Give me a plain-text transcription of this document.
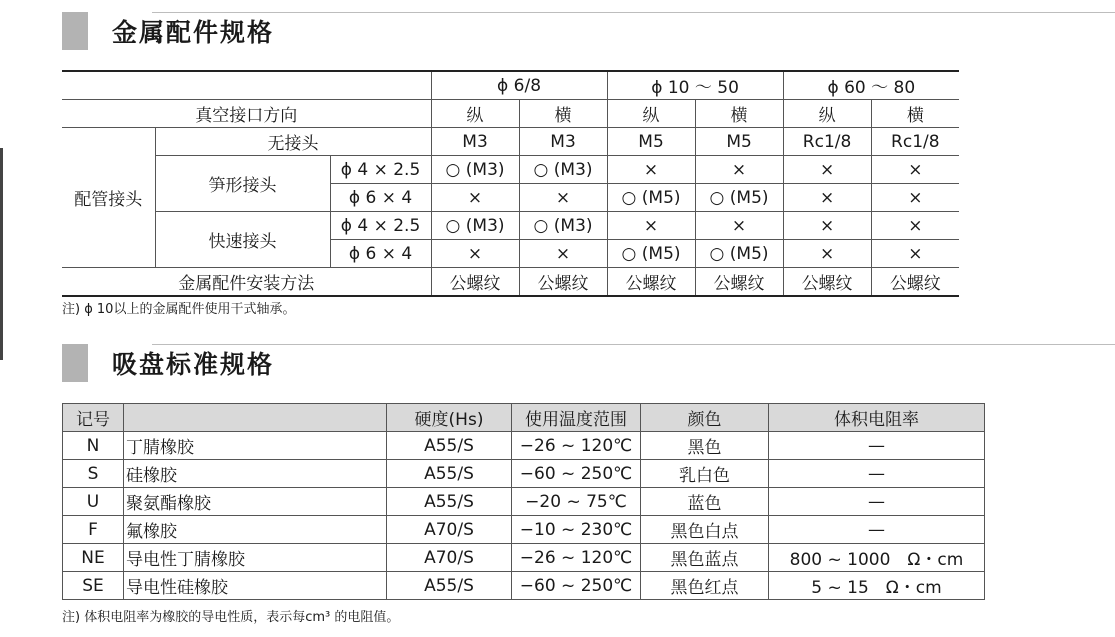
金属配件规格
			ϕ 6/8		ϕ 10 ～ 50		ϕ 60 ～ 80	
真空接口方向			纵	横	纵	横	纵	横
配管接头	无接头		M3	M3	M5	M5	Rc1/8	Rc1/8
	笋形接头	ϕ 4 × 2.5	○ (M3)	○ (M3)	×	×	×	×
		ϕ 6 × 4	×	×	○ (M5)	○ (M5)	×	×
	快速接头	ϕ 4 × 2.5	○ (M3)	○ (M3)	×	×	×	×
		ϕ 6 × 4	×	×	○ (M5)	○ (M5)	×	×
金属配件安装方法			公螺纹	公螺纹	公螺纹	公螺纹	公螺纹	公螺纹
注) ϕ 10以上的金属配件使用干式轴承。
吸盘标准规格
记号		硬度(Hs)	使用温度范围	颜色	体积电阻率
N	丁腈橡胶	A55/S	−26 ~ 120℃	黑色	—
S	硅橡胶	A55/S	−60 ~ 250℃	乳白色	—
U	聚氨酯橡胶	A55/S	−20 ~ 75℃	蓝色	—
F	氟橡胶	A70/S	−10 ~ 230℃	黑色白点	—
NE	导电性丁腈橡胶	A70/S	−26 ~ 120℃	黑色蓝点	800 ~ 1000　Ω・cm
SE	导电性硅橡胶	A55/S	−60 ~ 250℃	黑色红点	5 ~ 15　Ω・cm
注) 体积电阻率为橡胶的导电性质，表示每cm³ 的电阻值。
